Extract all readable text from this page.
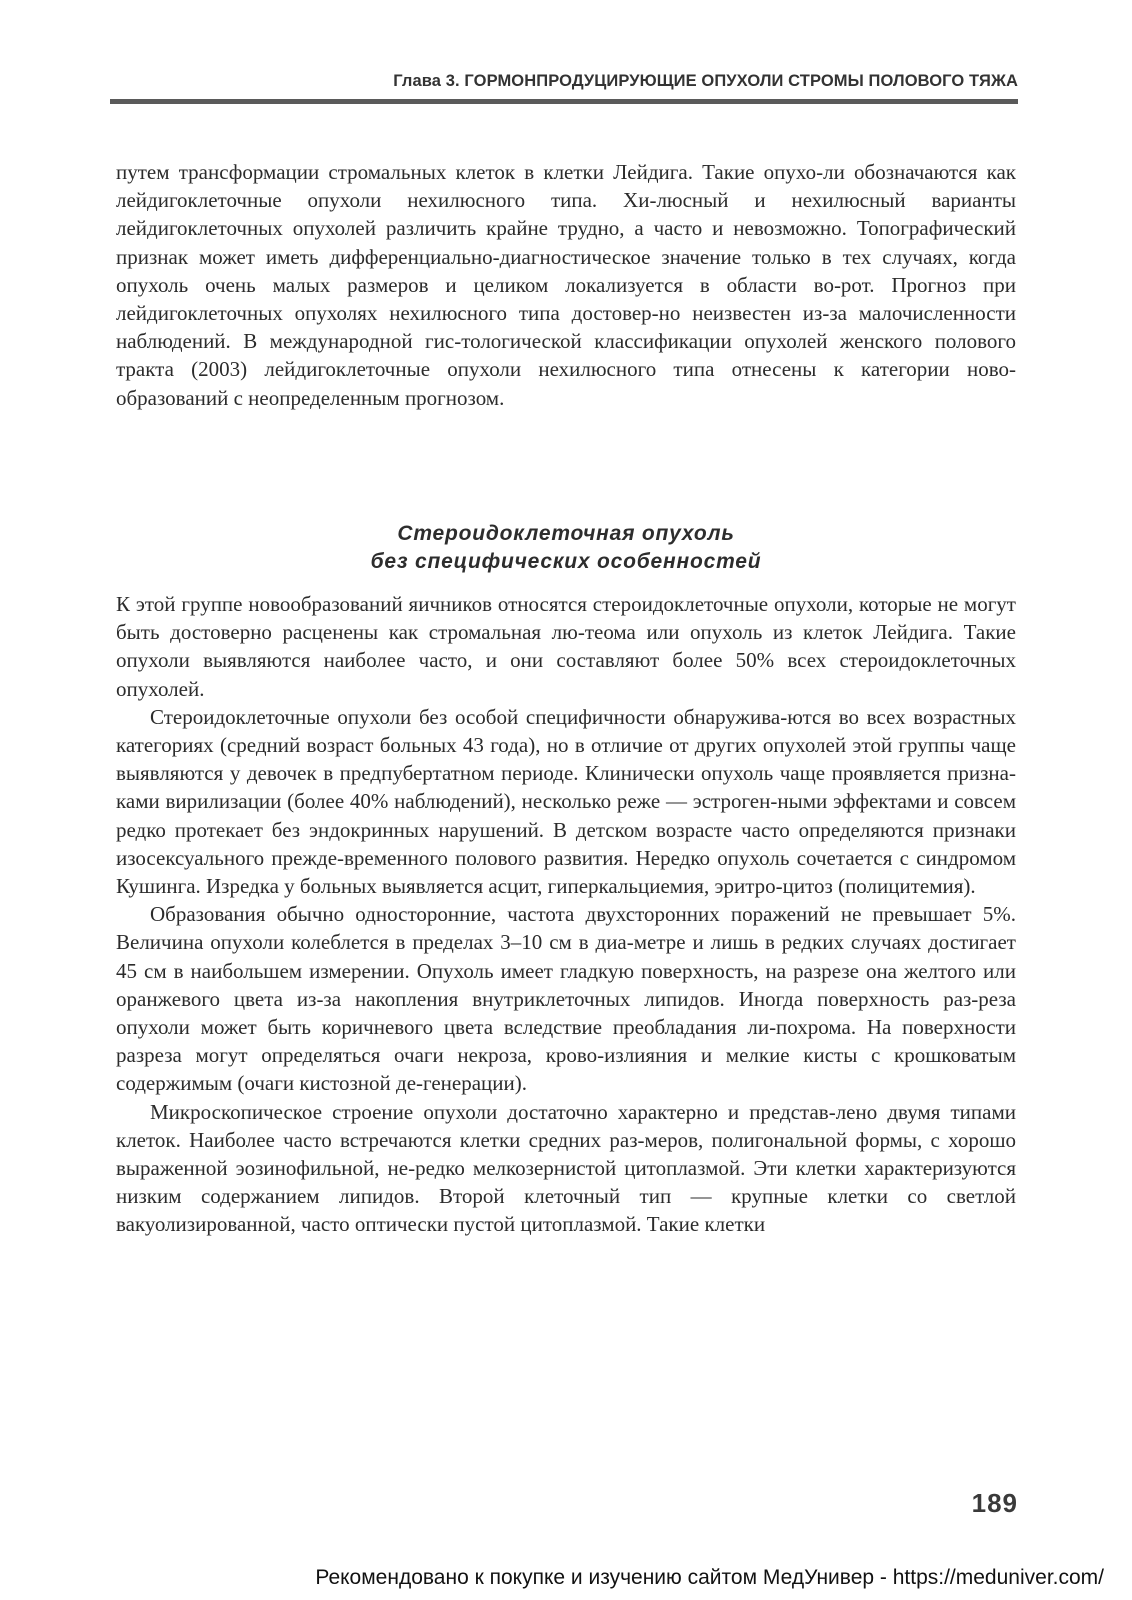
Глава 3. ГОРМОНПРОДУЦИРУЮЩИЕ ОПУХОЛИ СТРОМЫ ПОЛОВОГО ТЯЖА

путем трансформации стромальных клеток в клетки Лейдига. Такие опухо-ли обозначаются как лейдигоклеточные опухоли нехилюсного типа. Хи-люсный и нехилюсный варианты лейдигоклеточных опухолей различить крайне трудно, а часто и невозможно. Топографический признак может иметь дифференциально-диагностическое значение только в тех случаях, когда опухоль очень малых размеров и целиком локализуется в области во-рот. Прогноз при лейдигоклеточных опухолях нехилюсного типа достовер-но неизвестен из-за малочисленности наблюдений. В международной гис-тологической классификации опухолей женского полового тракта (2003) лейдигоклеточные опухоли нехилюсного типа отнесены к категории ново-образований с неопределенным прогнозом.

Стероидоклеточная опухоль
без специфических особенностей

К этой группе новообразований яичников относятся стероидоклеточные опухоли, которые не могут быть достоверно расценены как стромальная лю-теома или опухоль из клеток Лейдига. Такие опухоли выявляются наиболее часто, и они составляют более 50% всех стероидоклеточных опухолей.

Стероидоклеточные опухоли без особой специфичности обнаружива-ются во всех возрастных категориях (средний возраст больных 43 года), но в отличие от других опухолей этой группы чаще выявляются у девочек в предпубертатном периоде. Клинически опухоль чаще проявляется призна-ками вирилизации (более 40% наблюдений), несколько реже — эстроген-ными эффектами и совсем редко протекает без эндокринных нарушений. В детском возрасте часто определяются признаки изосексуального прежде-временного полового развития. Нередко опухоль сочетается с синдромом Кушинга. Изредка у больных выявляется асцит, гиперкальциемия, эритро-цитоз (полицитемия).

Образования обычно односторонние, частота двухсторонних поражений не превышает 5%. Величина опухоли колеблется в пределах 3–10 см в диа-метре и лишь в редких случаях достигает 45 см в наибольшем измерении. Опухоль имеет гладкую поверхность, на разрезе она желтого или оранжевого цвета из-за накопления внутриклеточных липидов. Иногда поверхность раз-реза опухоли может быть коричневого цвета вследствие преобладания ли-похрома. На поверхности разреза могут определяться очаги некроза, крово-излияния и мелкие кисты с крошковатым содержимым (очаги кистозной де-генерации).

Микроскопическое строение опухоли достаточно характерно и представ-лено двумя типами клеток. Наиболее часто встречаются клетки средних раз-меров, полигональной формы, с хорошо выраженной эозинофильной, не-редко мелкозернистой цитоплазмой. Эти клетки характеризуются низким содержанием липидов. Второй клеточный тип — крупные клетки со светлой вакуолизированной, часто оптически пустой цитоплазмой. Такие клетки

189
Рекомендовано к покупке и изучению сайтом МедУнивер - https://meduniver.com/
